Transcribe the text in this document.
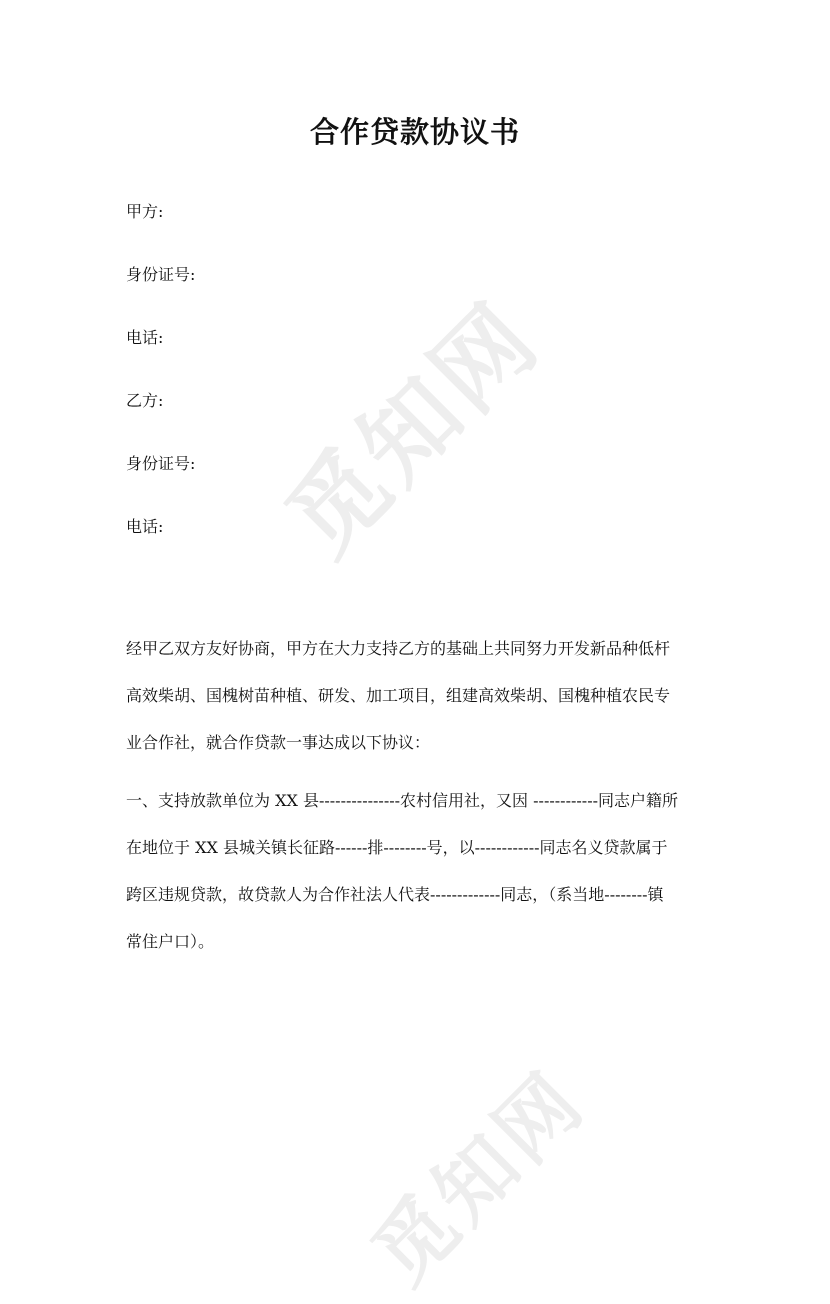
觅知网
觅知网
合作贷款协议书
甲方:
身份证号:
电话:
乙方:
身份证号:
电话:
经甲乙双方友好协商，甲方在大力支持乙方的基础上共同努力开发新品种低杆
高效柴胡、国槐树苗种植、研发、加工项目，组建高效柴胡、国槐种植农民专
业合作社，就合作贷款一事达成以下协议：
一、支持放款单位为 XX 县---------------农村信用社，又因 ------------同志户籍所
在地位于 XX 县城关镇长征路------排--------号，以------------同志名义贷款属于
跨区违规贷款，故贷款人为合作社法人代表-------------同志，（系当地--------镇
常住户口）。
